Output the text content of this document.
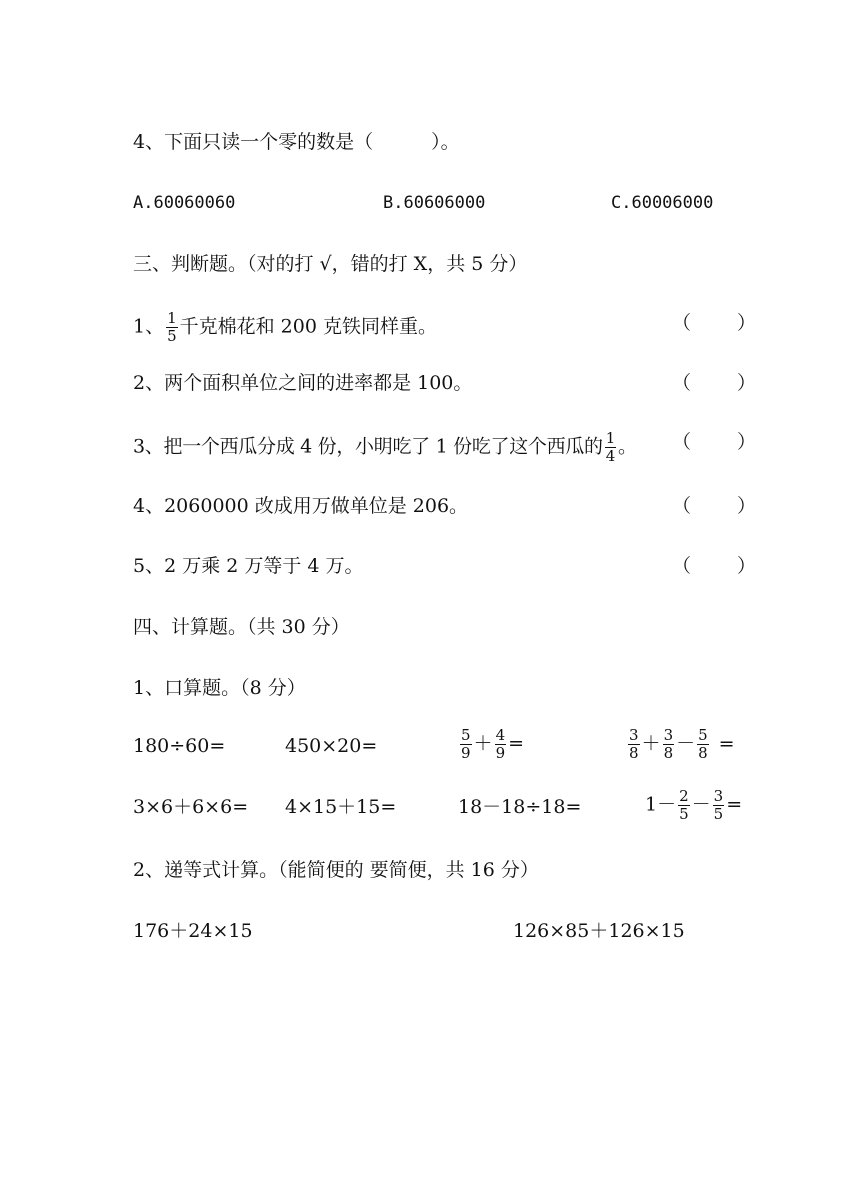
4、下面只读一个零的数是（	）。
A.60060060	B.60606000	C.60006000
三、判断题。（对的打 √，错的打 X，共 5 分）
1、 $\frac{1}{5}$ 千克棉花和 200 克铁同样重。	（ ）
2、两个面积单位之间的进率都是 100。	（ ）
3、把一个西瓜分成 4 份，小明吃了 1 份吃了这个西瓜的 $\frac{1}{4}$ 。 （ ）
4、2060000 改成用万做单位是 206。	（ ）
5、2 万乘 2 万等于 4 万。	（ ）
四、计算题。（共 30 分）
1、口算题。（8 分）
180÷60=	450×20=	$\frac{5}{9} + \frac{4}{9}$ =	$\frac{3}{8} + \frac{3}{8} - \frac{5}{8}$ =
3×6＋6×6= 4×15＋15=	18－18÷18=	$1- \frac{2}{5} - \frac{3}{5}$ =
2、递等式计算。（能简便的 要简便，共 16 分）
176＋24×15	126×85＋126×15
